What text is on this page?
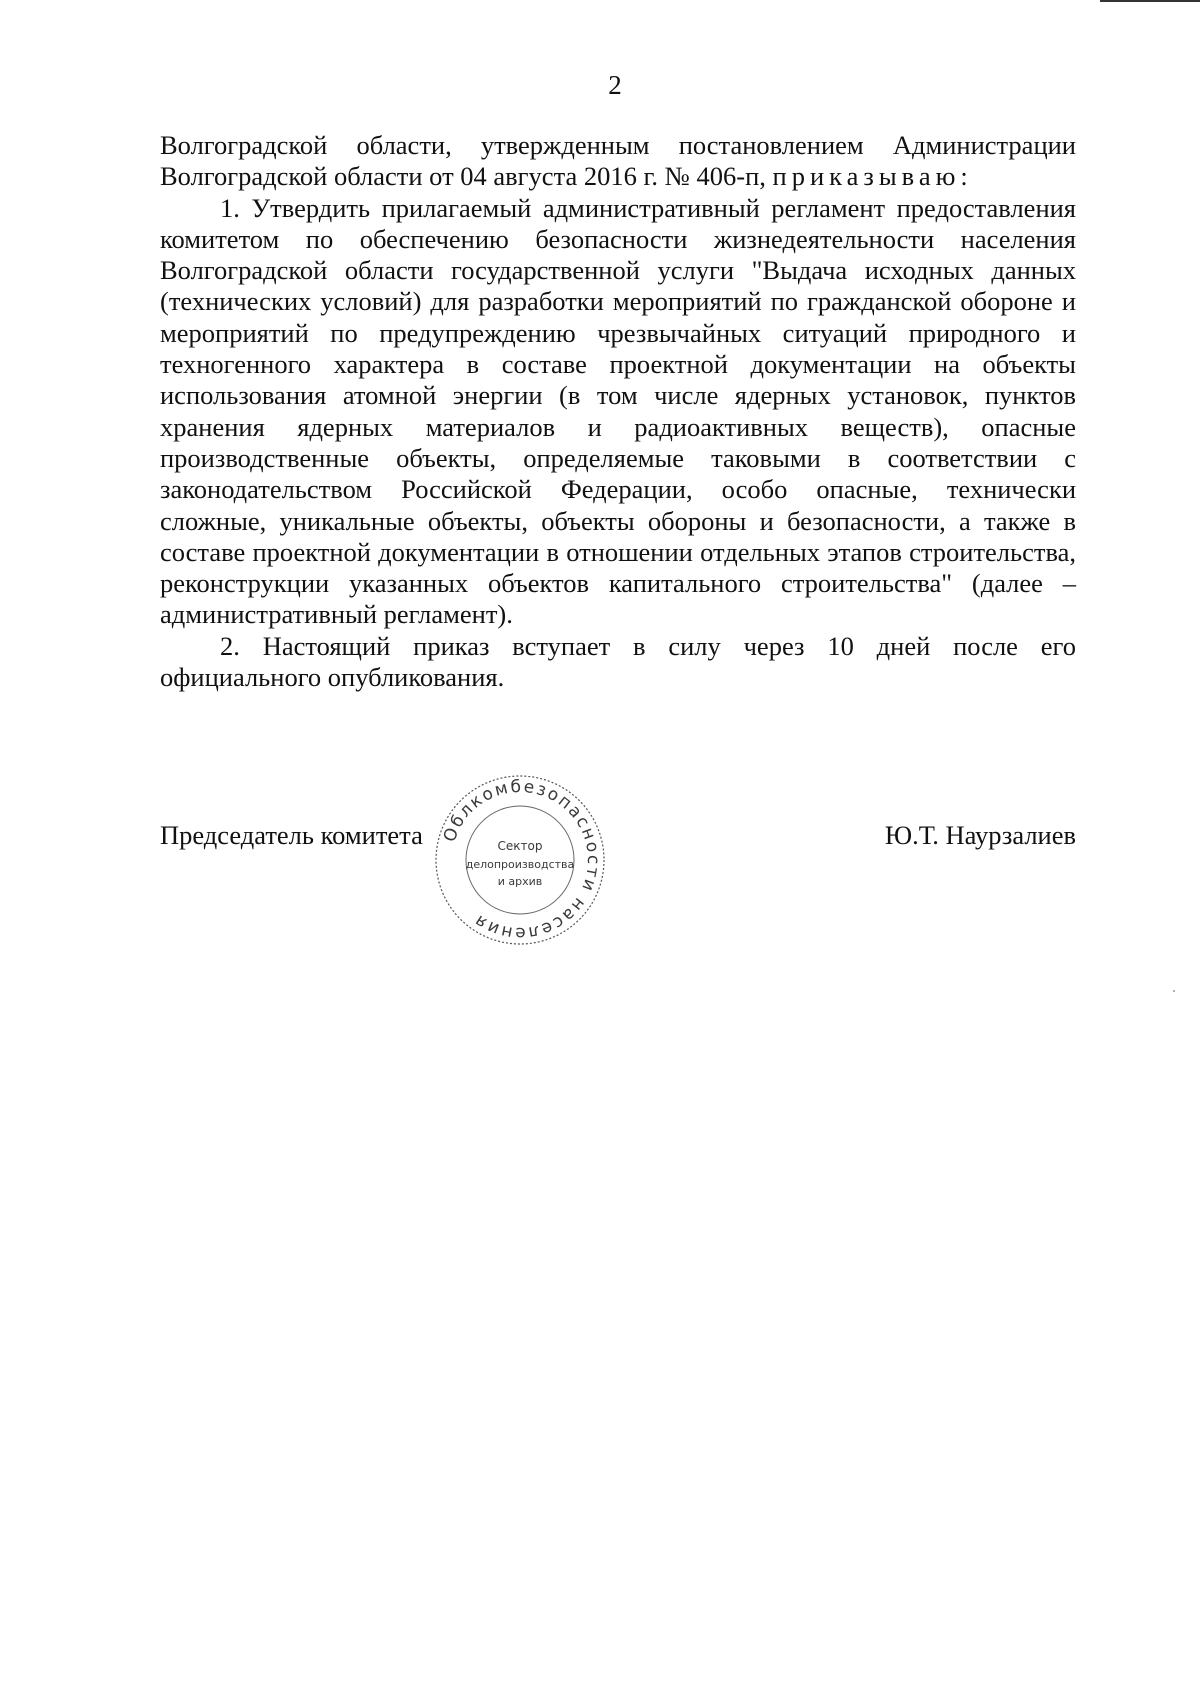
2

Волгоградской области, утвержденным постановлением Администрации Волгоградской области от 04 августа 2016 г. № 406-п, приказываю:

1. Утвердить прилагаемый административный регламент предоставления комитетом по обеспечению безопасности жизнедеятельности населения Волгоградской области государственной услуги "Выдача исходных данных (технических условий) для разработки мероприятий по гражданской обороне и мероприятий по предупреждению чрезвычайных ситуаций природного и техногенного характера в составе проектной документации на объекты использования атомной энергии (в том числе ядерных установок, пунктов хранения ядерных материалов и радиоактивных веществ), опасные производственные объекты, определяемые таковыми в соответствии с законодательством Российской Федерации, особо опасные, технически сложные, уникальные объекты, объекты обороны и безопасности, а также в составе проектной документации в отношении отдельных этапов строительства, реконструкции указанных объектов капитального строительства" (далее – административный регламент).

2. Настоящий приказ вступает в силу через 10 дней после его официального опубликования.

Председатель комитета	Ю.Т. Наурзалиев
Облкомбезопасности населения
Сектор
делопроизводства
и архив
